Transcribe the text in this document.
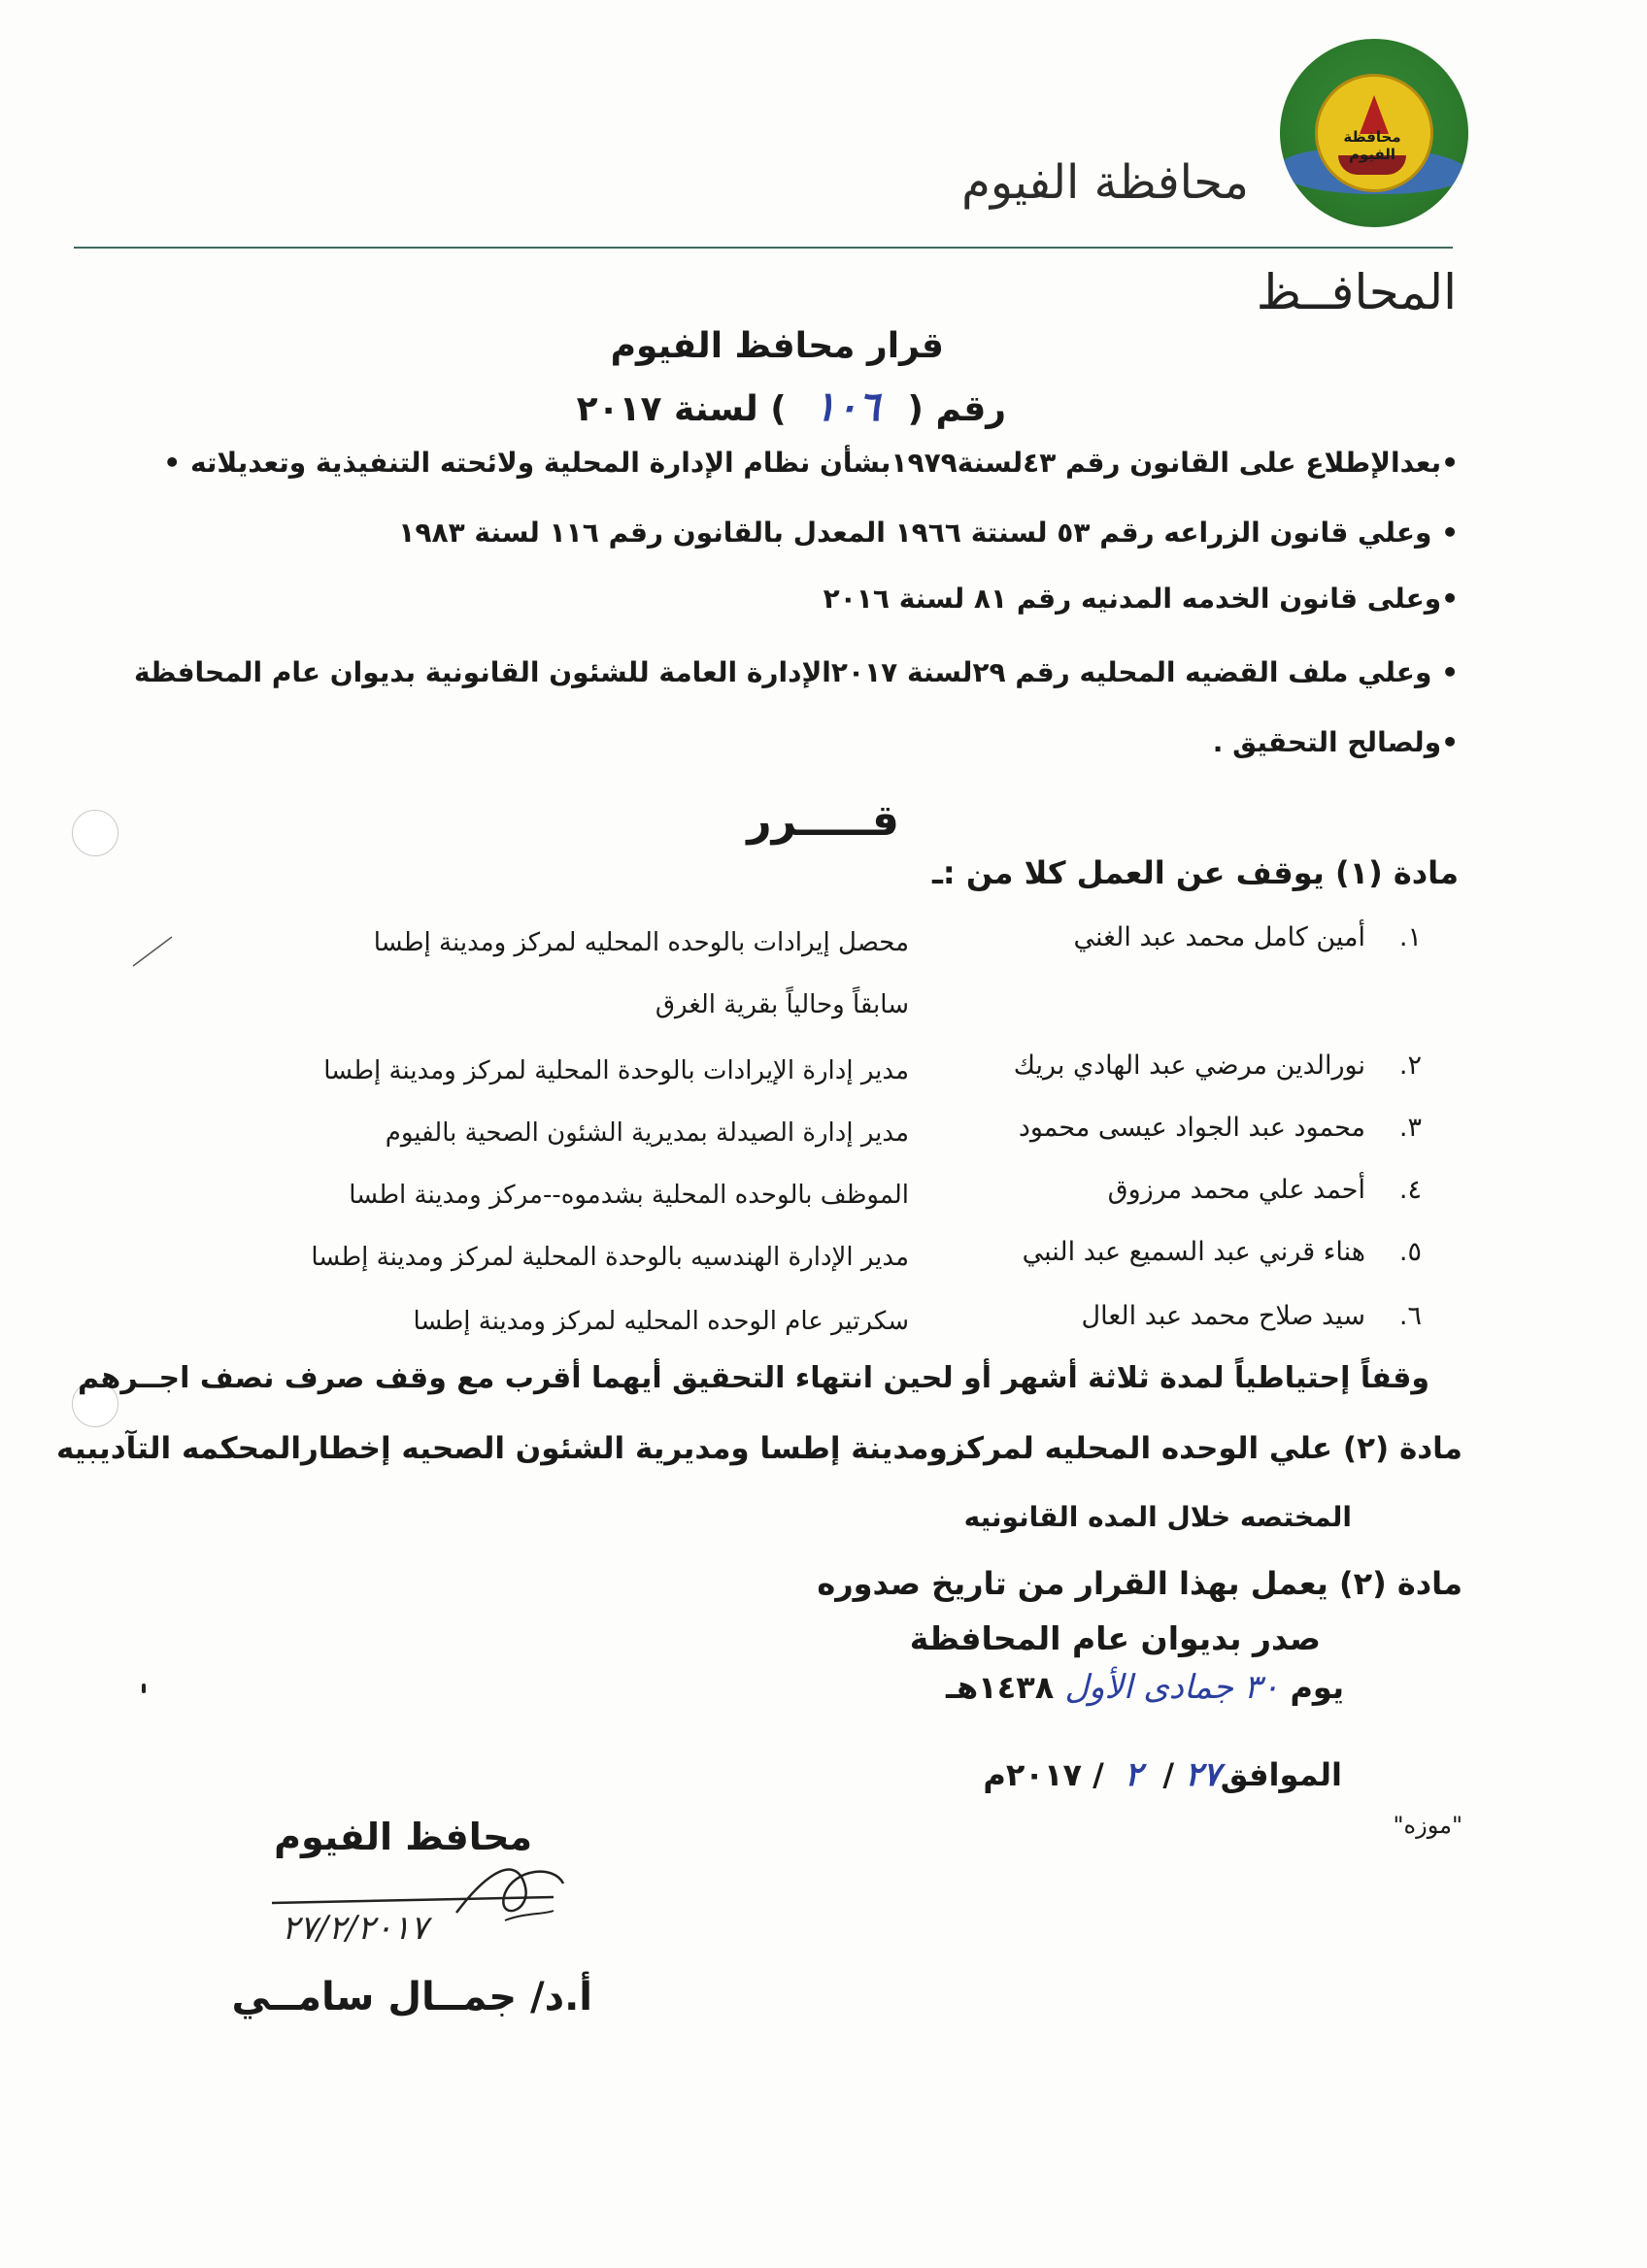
محافظة الفيوم
محافظة الفيوم
المحافــظ
قرار محافظ الفيوم
رقم ( ١٠٦ ) لسنة ٢٠١٧
•بعدالإطلاع على القانون رقم ٤٣لسنة١٩٧٩بشأن نظام الإدارة المحلية ولائحته التنفيذية وتعديلاته •
• وعلي قانون الزراعه رقم ٥٣ لسنتة ١٩٦٦ المعدل بالقانون رقم ١١٦ لسنة ١٩٨٣
•وعلى قانون الخدمه المدنيه رقم ٨١ لسنة ٢٠١٦
• وعلي ملف القضيه المحليه رقم ٢٩لسنة ٢٠١٧الإدارة العامة للشئون القانونية بديوان عام المحافظة
•ولصالح التحقيق .
قـــــرر
مادة (١) يوقف عن العمل كلا من :ـ
١.
أمين كامل محمد عبد الغني
محصل إيرادات بالوحده المحليه لمركز ومدينة إطسا
سابقاً وحالياً بقرية الغرق
٢.
نورالدين مرضي عبد الهادي بريك
مدير إدارة الإيرادات بالوحدة المحلية لمركز ومدينة إطسا
٣.
محمود عبد الجواد عيسى محمود
مدير إدارة الصيدلة بمديرية الشئون الصحية بالفيوم
٤.
أحمد علي محمد مرزوق
الموظف بالوحده المحلية بشدموه--مركز ومدينة اطسا
٥.
هناء قرني عبد السميع عبد النبي
مدير الإدارة الهندسيه بالوحدة المحلية لمركز ومدينة إطسا
٦.
سيد صلاح محمد عبد العال
سكرتير عام الوحده المحليه لمركز ومدينة إطسا
وقفاً إحتياطياً لمدة ثلاثة أشهر أو لحين انتهاء التحقيق أيهما أقرب مع وقف صرف نصف اجــرهم
مادة (٢) علي الوحده المحليه لمركزومدينة إطسا ومديرية الشئون الصحيه إخطارالمحكمه التآديبيه
المختصه خلال المده القانونيه
مادة (٢) يعمل بهذا القرار من تاريخ صدوره
صدر بديوان عام المحافظة
يوم ٣٠ جمادى الأول ١٤٣٨هـ
الموافق٢٧ / ٢ / ٢٠١٧م
"موزه"
محافظ الفيوم
٢٧/٢/٢٠١٧
أ.د/ جمــال سامــي
